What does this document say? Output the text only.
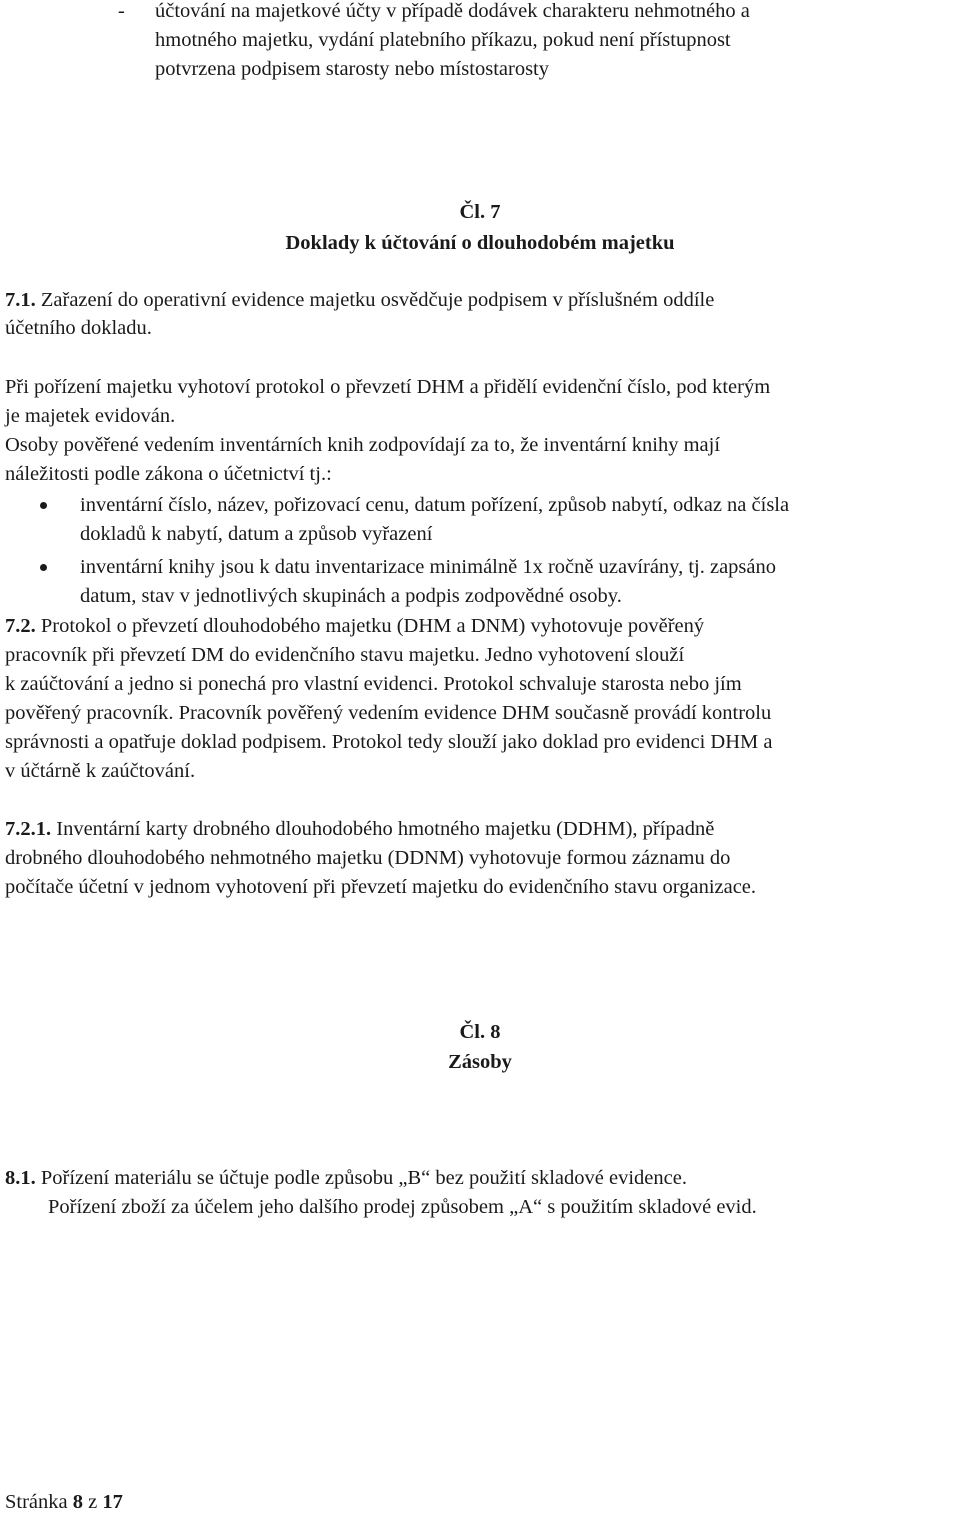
- účtování na majetkové účty v případě dodávek charakteru nehmotného a
hmotného majetku, vydání platebního příkazu, pokud není přístupnost
potvrzena podpisem starosty nebo místostarosty
Čl. 7
Doklady k účtování o dlouhodobém majetku
7.1. Zařazení do operativní evidence majetku osvědčuje podpisem v příslušném oddíle
účetního dokladu.
Při pořízení majetku vyhotoví protokol o převzetí DHM a přidělí evidenční číslo, pod kterým
je majetek evidován.
Osoby pověřené vedením inventárních knih zodpovídají za to, že inventární knihy mají
náležitosti podle zákona o účetnictví tj.:
inventární číslo, název, pořizovací cenu, datum pořízení, způsob nabytí, odkaz na čísla
dokladů k nabytí, datum a způsob vyřazení
inventární knihy jsou k datu inventarizace minimálně 1x ročně uzavírány, tj. zapsáno
datum, stav v jednotlivých skupinách a podpis zodpovědné osoby.
7.2. Protokol o převzetí dlouhodobého majetku (DHM a DNM) vyhotovuje pověřený
pracovník při převzetí DM do evidenčního stavu majetku. Jedno vyhotovení slouží
k zaúčtování a jedno si ponechá pro vlastní evidenci. Protokol schvaluje starosta nebo jím
pověřený pracovník. Pracovník pověřený vedením evidence DHM současně provádí kontrolu
správnosti a opatřuje doklad podpisem. Protokol tedy slouží jako doklad pro evidenci DHM a
v účtárně k zaúčtování.
7.2.1. Inventární karty drobného dlouhodobého hmotného majetku (DDHM), případně
drobného dlouhodobého nehmotného majetku (DDNM) vyhotovuje formou záznamu do
počítače účetní v jednom vyhotovení při převzetí majetku do evidenčního stavu organizace.
Čl. 8
Zásoby
8.1. Pořízení materiálu se účtuje podle způsobu „B“ bez použití skladové evidence.
Pořízení zboží za účelem jeho dalšího prodej způsobem „A“ s použitím skladové evid.
Stránka 8 z 17
